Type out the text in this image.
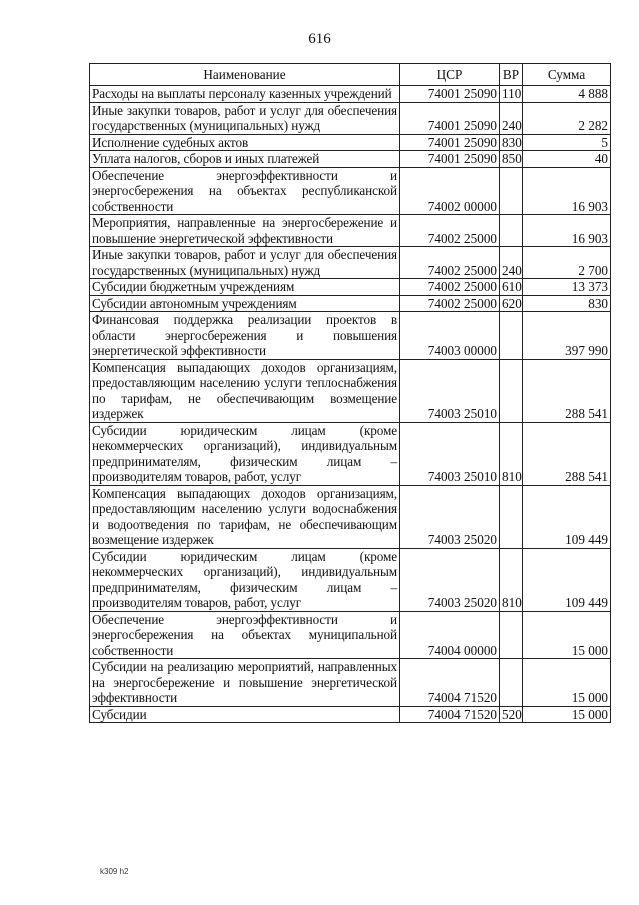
616
Наименование	ЦСР	ВР	Сумма
Расходы на выплаты персоналу казенных учреждений	74001 25090	110	4 888
Иные закупки товаров, работ и услуг для обеспечения государственных (муниципальных) нужд	74001 25090	240	2 282
Исполнение судебных актов	74001 25090	830	5
Уплата налогов, сборов и иных платежей	74001 25090	850	40
Обеспечение энергоэффективности и энергосбережения на объектах республиканской собственности	74002 00000		16 903
Мероприятия, направленные на энергосбережение и повышение энергетической эффективности	74002 25000		16 903
Иные закупки товаров, работ и услуг для обеспечения государственных (муниципальных) нужд	74002 25000	240	2 700
Субсидии бюджетным учреждениям	74002 25000	610	13 373
Субсидии автономным учреждениям	74002 25000	620	830
Финансовая поддержка реализации проектов в области энергосбережения и повышения энергетической эффективности	74003 00000		397 990
Компенсация выпадающих доходов организациям, предоставляющим населению услуги теплоснабжения по тарифам, не обеспечивающим возмещение издержек	74003 25010		288 541
Субсидии юридическим лицам (кроме некоммерческих организаций), индивидуальным предпринимателям, физическим лицам – производителям товаров, работ, услуг	74003 25010	810	288 541
Компенсация выпадающих доходов организациям, предоставляющим населению услуги водоснабжения и водоотведения по тарифам, не обеспечивающим возмещение издержек	74003 25020		109 449
Субсидии юридическим лицам (кроме некоммерческих организаций), индивидуальным предпринимателям, физическим лицам – производителям товаров, работ, услуг	74003 25020	810	109 449
Обеспечение энергоэффективности и энергосбережения на объектах муниципальной собственности	74004 00000		15 000
Субсидии на реализацию мероприятий, направленных на энергосбережение и повышение энергетической эффективности	74004 71520		15 000
Субсидии	74004 71520	520	15 000
k309 h2
